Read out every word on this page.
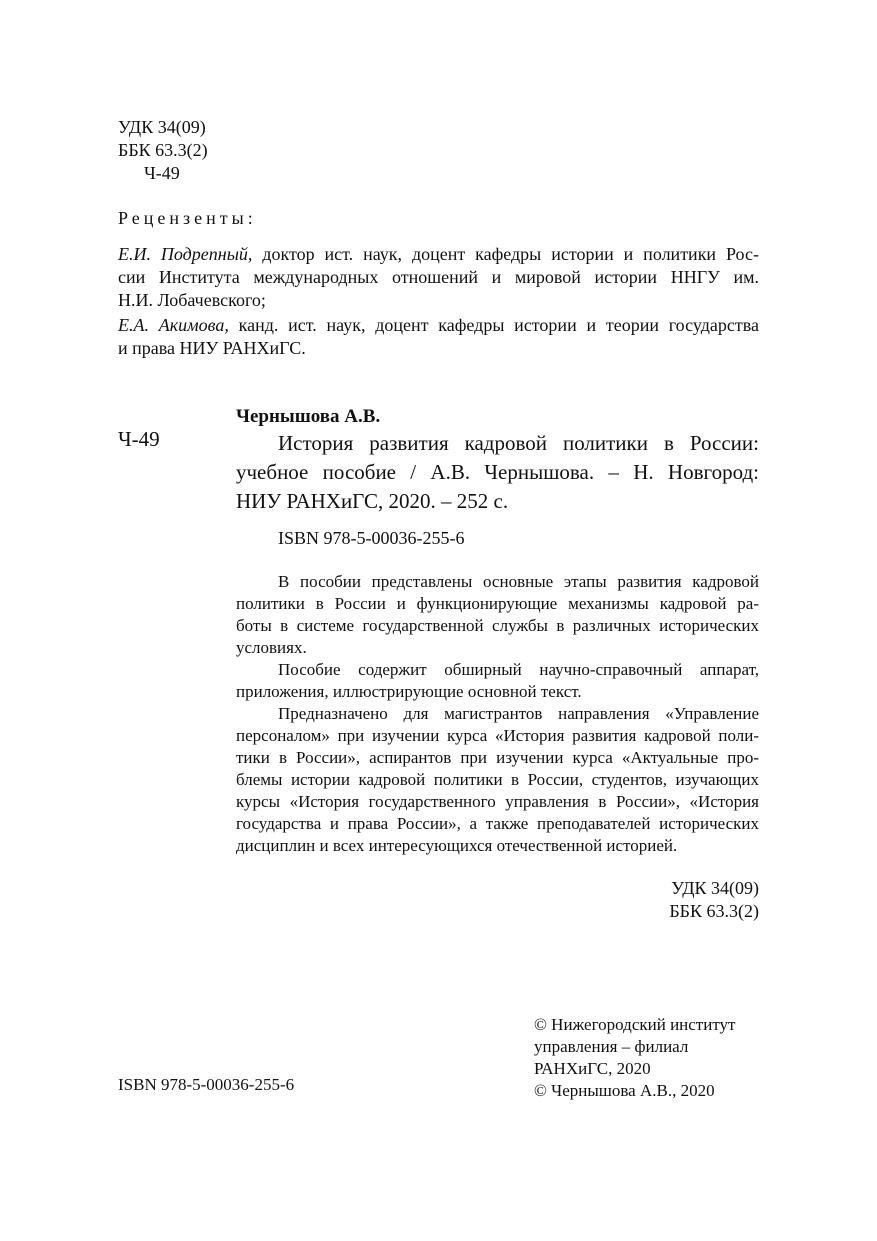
УДК 34(09)
ББК 63.3(2)
Ч-49
Рецензенты:
Е.И. Подрепный, доктор ист. наук, доцент кафедры истории и политики Рос-
сии Института международных отношений и мировой истории ННГУ им.
Н.И. Лобачевского;
Е.А. Акимова, канд. ист. наук, доцент кафедры истории и теории государства
и права НИУ РАНХиГС.
Ч-49
Чернышова А.В.
История развития кадровой политики в России:
учебное пособие / А.В. Чернышова. – Н. Новгород:
НИУ РАНХиГС, 2020. – 252 с.
ISBN 978-5-00036-255-6
В пособии представлены основные этапы развития кадровой
политики в России и функционирующие механизмы кадровой ра-
боты в системе государственной службы в различных исторических
условиях.
Пособие содержит обширный научно-справочный аппарат,
приложения, иллюстрирующие основной текст.
Предназначено для магистрантов направления «Управление
персоналом» при изучении курса «История развития кадровой поли-
тики в России», аспирантов при изучении курса «Актуальные про-
блемы истории кадровой политики в России, студентов, изучающих
курсы «История государственного управления в России», «История
государства и права России», а также преподавателей исторических
дисциплин и всех интересующихся отечественной историей.
УДК 34(09)
ББК 63.3(2)
© Нижегородский институт
управления – филиал
РАНХиГС, 2020
© Чернышова А.В., 2020
ISBN 978-5-00036-255-6
